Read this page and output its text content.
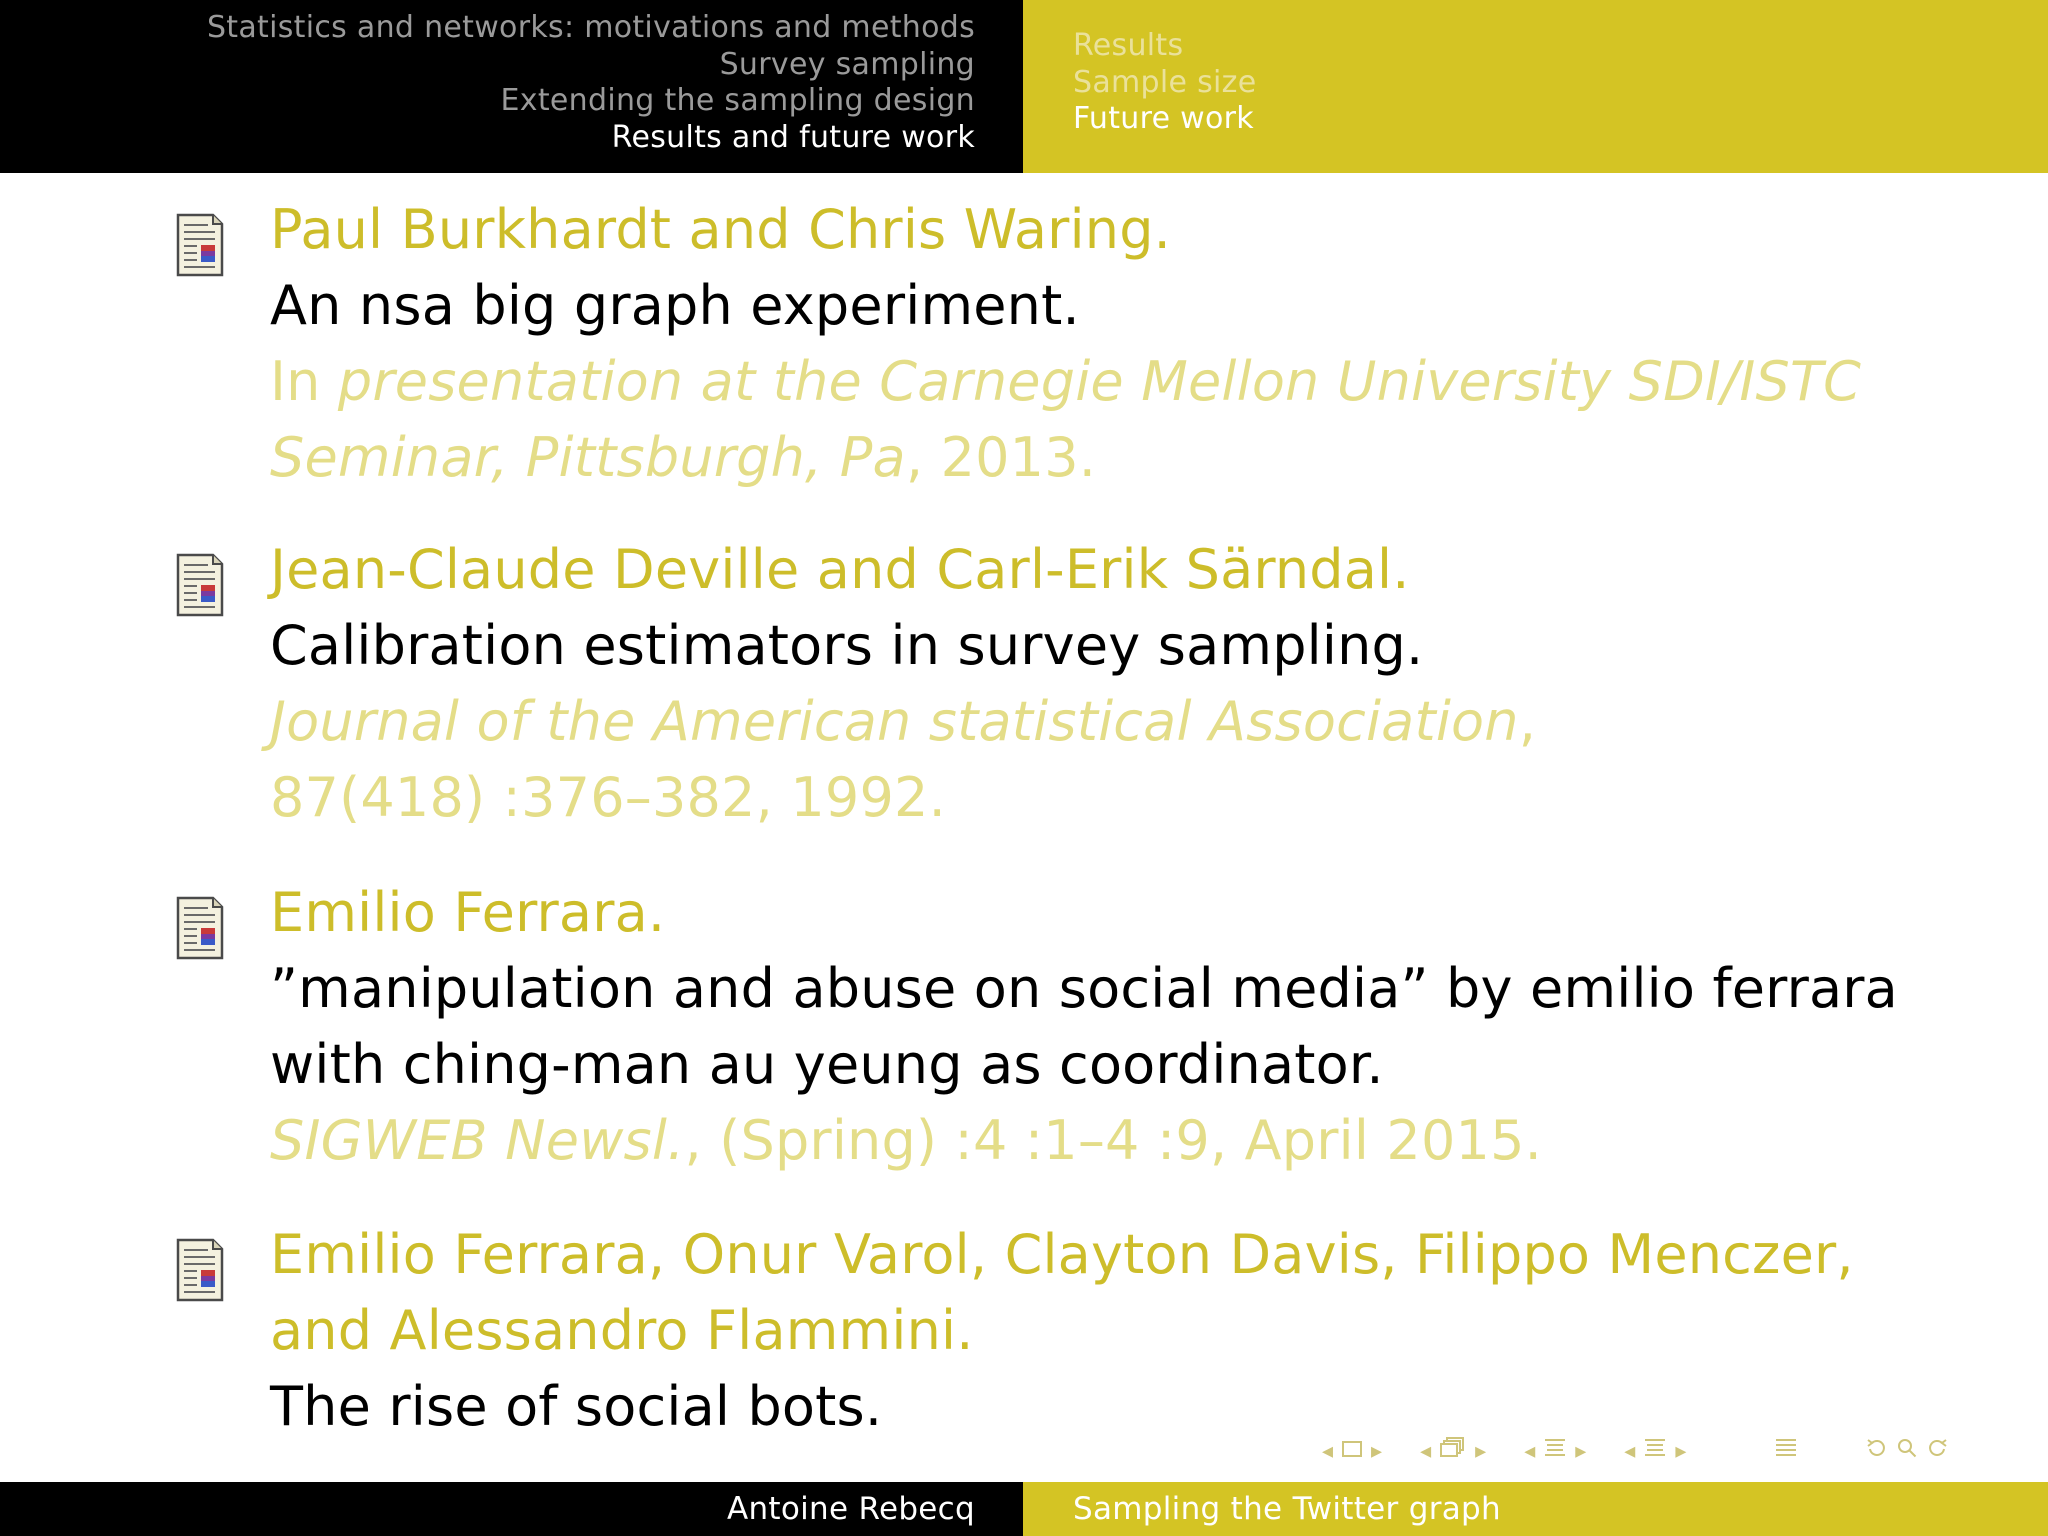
Statistics and networks: motivations and methods
Survey sampling
Extending the sampling design
Results and future work
Results
Sample size
Future work
Paul Burkhardt and Chris Waring.
An nsa big graph experiment.
In presentation at the Carnegie Mellon University SDI/ISTC
Seminar, Pittsburgh, Pa, 2013.
Jean-Claude Deville and Carl-Erik Särndal.
Calibration estimators in survey sampling.
Journal of the American statistical Association,
87(418) :376–382, 1992.
Emilio Ferrara.
”manipulation and abuse on social media” by emilio ferrara
with ching-man au yeung as coordinator.
SIGWEB Newsl., (Spring) :4 :1–4 :9, April 2015.
Emilio Ferrara, Onur Varol, Clayton Davis, Filippo Menczer,
and Alessandro Flammini.
The rise of social bots.
◂ ▸ ◂ ▸ ◂ ▸ ◂ ▸
Antoine Rebecq	Sampling the Twitter graph
